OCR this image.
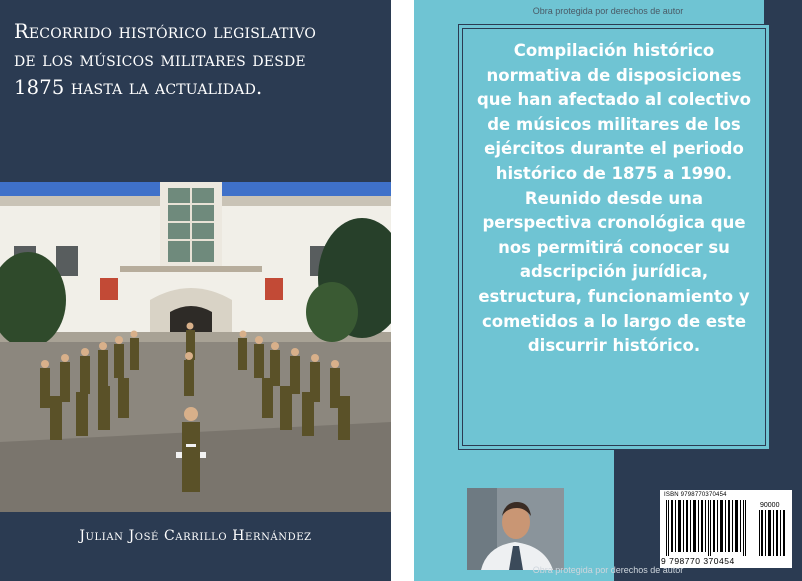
Recorrido histórico legislativo
de los músicos militares desde
1875 hasta la actualidad.
Julian José Carrillo Hernández
Obra protegida por derechos de autor
Compilación histórico normativa de disposiciones que han afectado al colectivo de músicos militares de los ejércitos durante el periodo histórico de 1875 a 1990. Reunido desde una perspectiva cronológica que nos permitirá conocer su adscripción jurídica, estructura, funcionamiento y cometidos a lo largo de este discurrir histórico.
ISBN 9798770370454
90000
9 798770 370454
Obra protegida por derechos de autor
